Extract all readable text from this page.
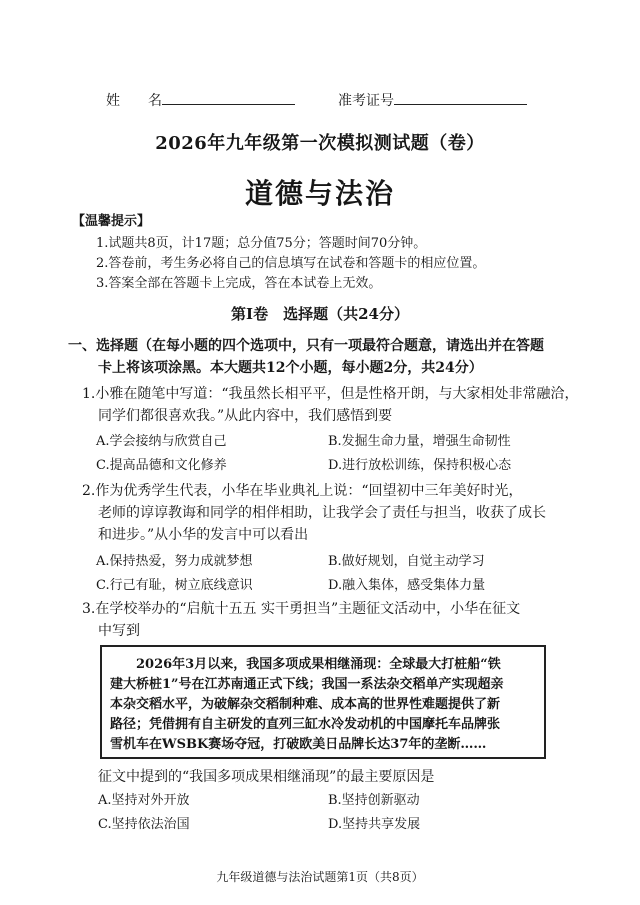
姓　　名	准考证号
2026年九年级第一次模拟测试题（卷）
道德与法治
【温馨提示】
1.试题共8页，计17题；总分值75分；答题时间70分钟。
2.答卷前，考生务必将自己的信息填写在试卷和答题卡的相应位置。
3.答案全部在答题卡上完成，答在本试卷上无效。
第Ⅰ卷　选择题（共24分）
一、选择题（在每小题的四个选项中，只有一项最符合题意，请选出并在答题
卡上将该项涂黑。本大题共12个小题，每小题2分，共24分）
1.小雅在随笔中写道：“我虽然长相平平，但是性格开朗，与大家相处非常融洽，
同学们都很喜欢我。”从此内容中，我们感悟到要
A.学会接纳与欣赏自己	B.发掘生命力量，增强生命韧性
C.提高品德和文化修养	D.进行放松训练，保持积极心态
2.作为优秀学生代表，小华在毕业典礼上说：“回望初中三年美好时光，
老师的谆谆教诲和同学的相伴相助，让我学会了责任与担当，收获了成长
和进步。”从小华的发言中可以看出
A.保持热爱，努力成就梦想	B.做好规划，自觉主动学习
C.行己有耻，树立底线意识	D.融入集体，感受集体力量
3.在学校举办的“启航十五五 实干勇担当”主题征文活动中，小华在征文
中写到
　　2026年3月以来，我国多项成果相继涌现：全球最大打桩船“铁
建大桥桩1”号在江苏南通正式下线；我国一系法杂交稻单产实现超亲
本杂交稻水平，为破解杂交稻制种难、成本高的世界性难题提供了新
路径；凭借拥有自主研发的直列三缸水冷发动机的中国摩托车品牌张
雪机车在WSBK赛场夺冠，打破欧美日品牌长达37年的垄断……
征文中提到的“我国多项成果相继涌现”的最主要原因是
A.坚持对外开放	B.坚持创新驱动
C.坚持依法治国	D.坚持共享发展
九年级道德与法治试题第1页（共8页）
